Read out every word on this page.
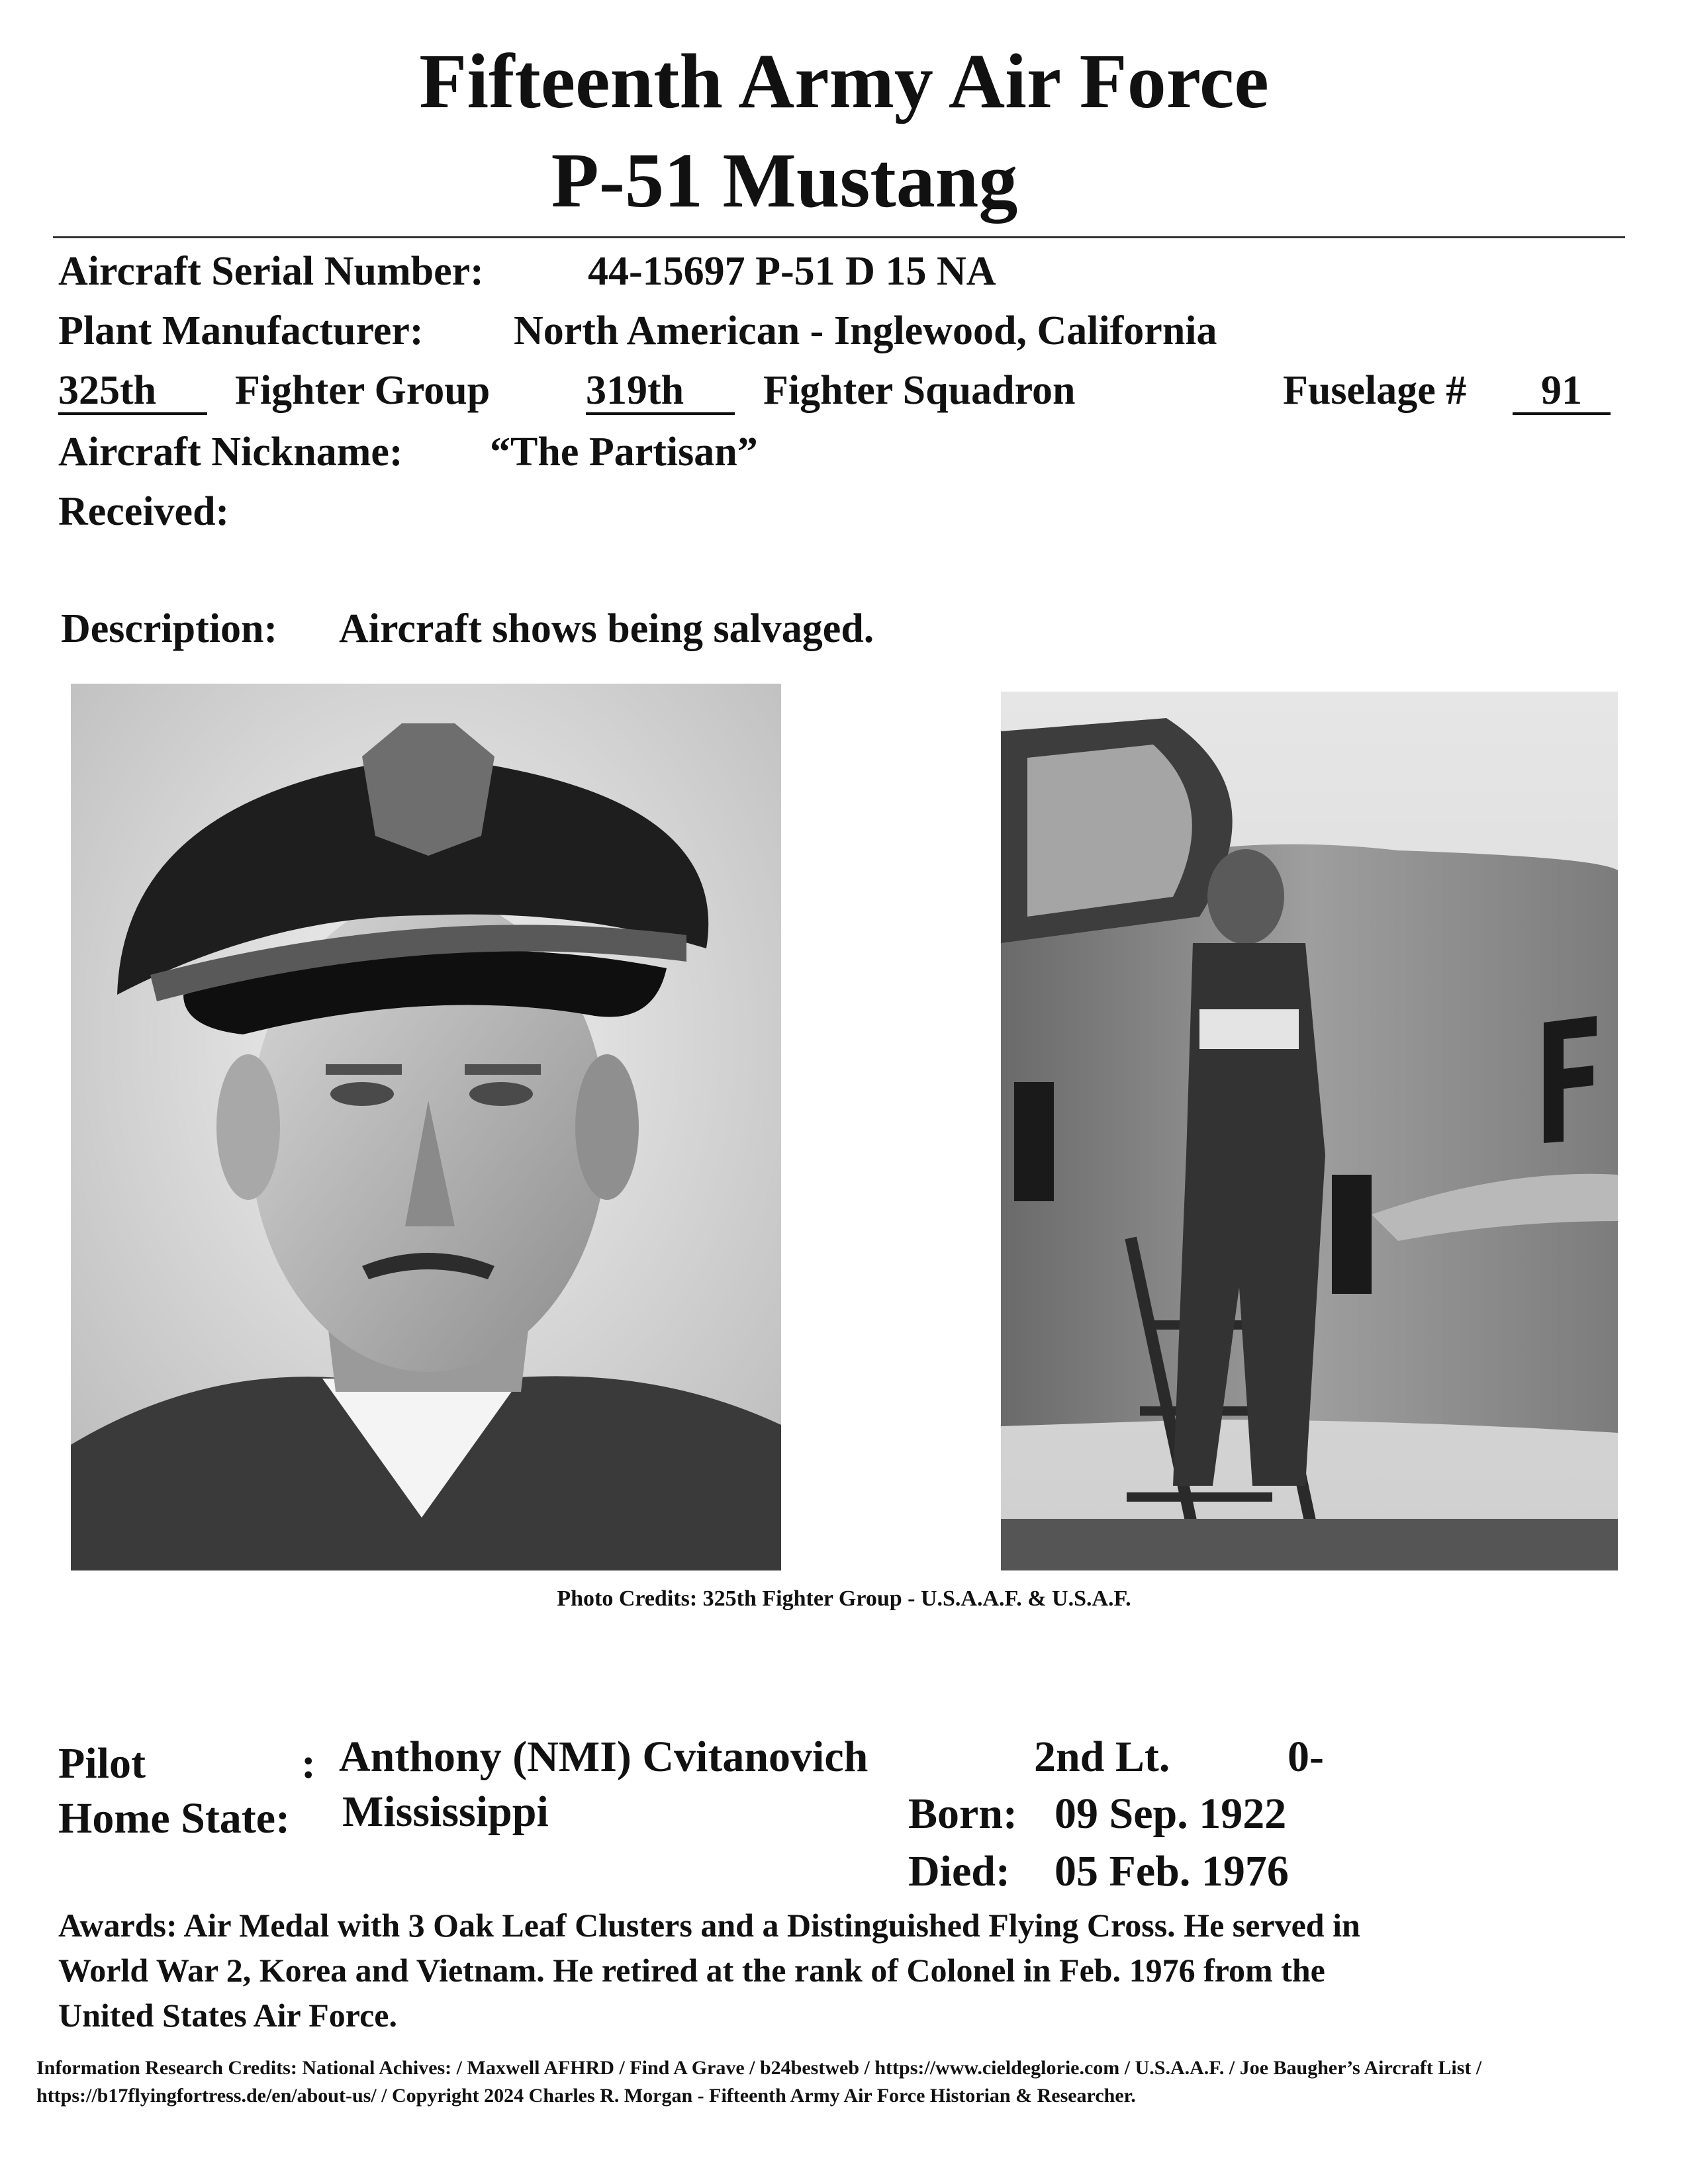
Fifteenth Army Air Force
P-51 Mustang
Aircraft Serial Number:	44-15697 P-51 D 15 NA
Plant Manufacturer: North American - Inglewood, California
325th	Fighter Group 319th	Fighter Squadron	Fuselage #	91
Aircraft Nickname: “The Partisan”
Received:
Description: Aircraft shows being salvaged.
Photo Credits: 325th Fighter Group - U.S.A.A.F. & U.S.A.F.
Pilot	: Anthony (NMI) Cvitanovich	2nd Lt.	0-
Home State: Mississippi	Born: 09 Sep. 1922
Died: 05 Feb. 1976
Awards: Air Medal with 3 Oak Leaf Clusters and a Distinguished Flying Cross. He served in
World War 2, Korea and Vietnam. He retired at the rank of Colonel in Feb. 1976 from the
United States Air Force.
Information Research Credits: National Achives: / Maxwell AFHRD / Find A Grave / b24bestweb / https://www.cieldeglorie.com / U.S.A.A.F. / Joe Baugher’s Aircraft List /
https://b17flyingfortress.de/en/about-us/ / Copyright 2024 Charles R. Morgan - Fifteenth Army Air Force Historian & Researcher.
